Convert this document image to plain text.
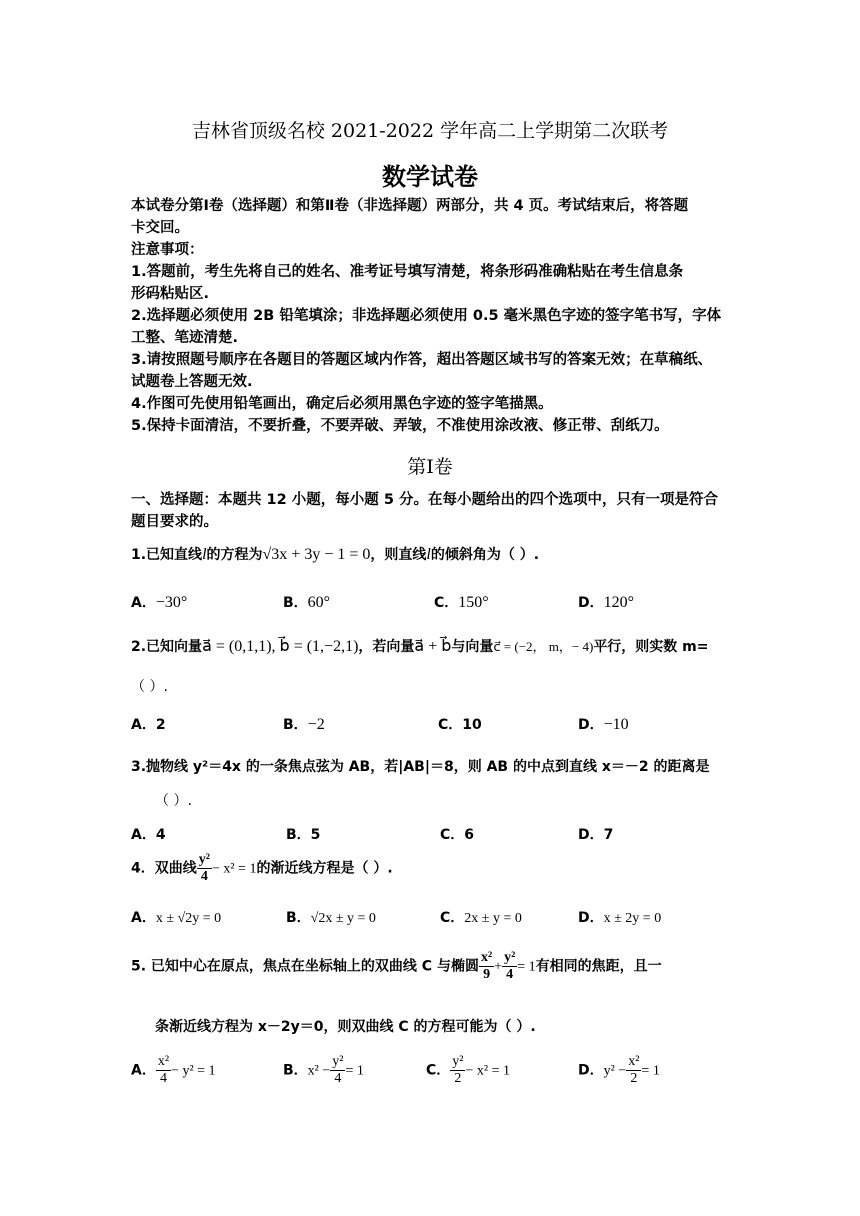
吉林省顶级名校 2021-2022 学年高二上学期第二次联考
数学试卷
本试卷分第Ⅰ卷（选择题）和第Ⅱ卷（非选择题）两部分，共 4 页。考试结束后，将答题
卡交回。
注意事项：
1.答题前，考生先将自己的姓名、准考证号填写清楚，将条形码准确粘贴在考生信息条
形码粘贴区.
2.选择题必须使用 2B 铅笔填涂；非选择题必须使用 0.5 毫米黑色字迹的签字笔书写，字体
工整、笔迹清楚.
3.请按照题号顺序在各题目的答题区域内作答，超出答题区域书写的答案无效；在草稿纸、
试题卷上答题无效.
4.作图可先使用铅笔画出，确定后必须用黑色字迹的签字笔描黑。
5.保持卡面清洁，不要折叠，不要弄破、弄皱，不准使用涂改液、修正带、刮纸刀。
第Ⅰ卷
一、选择题：本题共 12 小题，每小题 5 分。在每小题给出的四个选项中，只有一项是符合
题目要求的。
1.已知直线l的方程为√3x + 3y − 1 = 0，则直线l的倾斜角为（ ）.
A．−30°	B．60°	C．150°	D．120°
2.已知向量a⃗ = (0,1,1), b⃗ = (1,−2,1)，若向量a⃗ + b⃗与向量c⃗ = (−2， m，− 4)平行，则实数 m=
（ ）.
A．2	B．−2	C．10	D．−10
3.抛物线 y²＝4x 的一条焦点弦为 AB，若|AB|＝8，则 AB 的中点到直线 x＝－2 的距离是
（ ）.
A．4	B．5	C．6	D．7
4．双曲线 $\frac{\text{y²}}{4} - x^2 = 1$的渐近线方程是（ ）.
A．x ± √2y = 0	B．√2x ± y = 0	C．2x ± y = 0	D．x ± 2y = 0
5. 已知中心在原点，焦点在坐标轴上的双曲线 C 与椭圆 $\frac{\text{x²}}{9} + \frac{\text{y²}}{4} = 1$有相同的焦距，且一
条渐近线方程为 x－2y＝0，则双曲线 C 的方程可能为（ ）.
A． $\frac{\text{x²}}{4} - y^2 = 1$	B．$x^2 - \frac{\text{y²}}{4} = 1$	C． $\frac{\text{y²}}{2} - x^2 = 1$	D．$y^2 - \frac{\text{x²}}{2} = 1$
